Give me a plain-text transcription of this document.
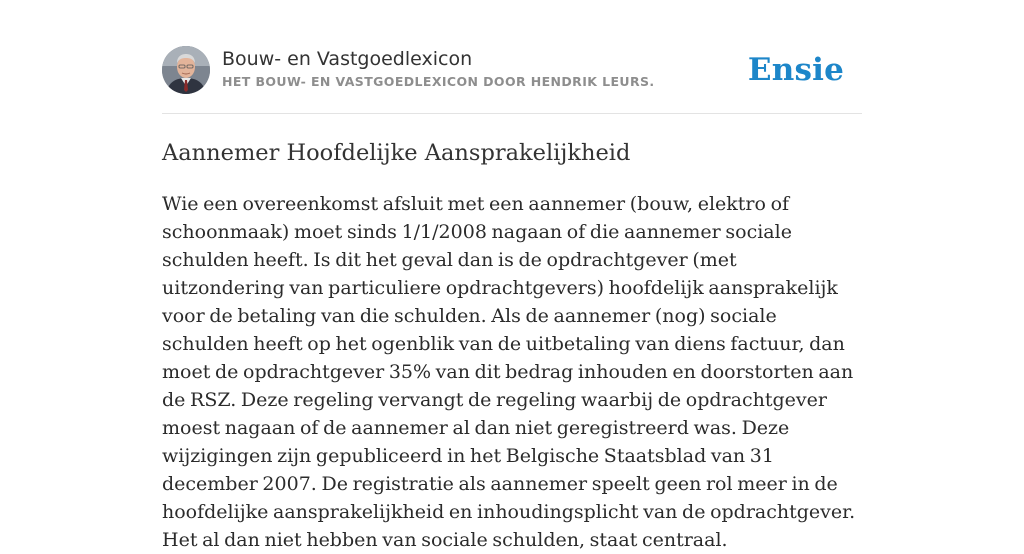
Bouw- en Vastgoedlexicon
HET BOUW- EN VASTGOEDLEXICON DOOR HENDRIK LEURS.	Ensie
Aannemer Hoofdelijke Aansprakelijkheid

Wie een overeenkomst afsluit met een aannemer (bouw, elektro of schoonmaak) moet sinds 1/1/2008 nagaan of die aannemer sociale schulden heeft. Is dit het geval dan is de opdrachtgever (met uitzondering van particuliere opdrachtgevers) hoofdelijk aansprakelijk voor de betaling van die schulden. Als de aannemer (nog) sociale schulden heeft op het ogenblik van de uitbetaling van diens factuur, dan moet de opdrachtgever 35% van dit bedrag inhouden en doorstorten aan de RSZ. Deze regeling vervangt de regeling waarbij de opdrachtgever moest nagaan of de aannemer al dan niet geregistreerd was. Deze wijzigingen zijn gepubliceerd in het Belgische Staatsblad van 31 december 2007. De registratie als aannemer speelt geen rol meer in de hoofdelijke aansprakelijkheid en inhoudingsplicht van de opdrachtgever. Het al dan niet hebben van sociale schulden, staat centraal.
